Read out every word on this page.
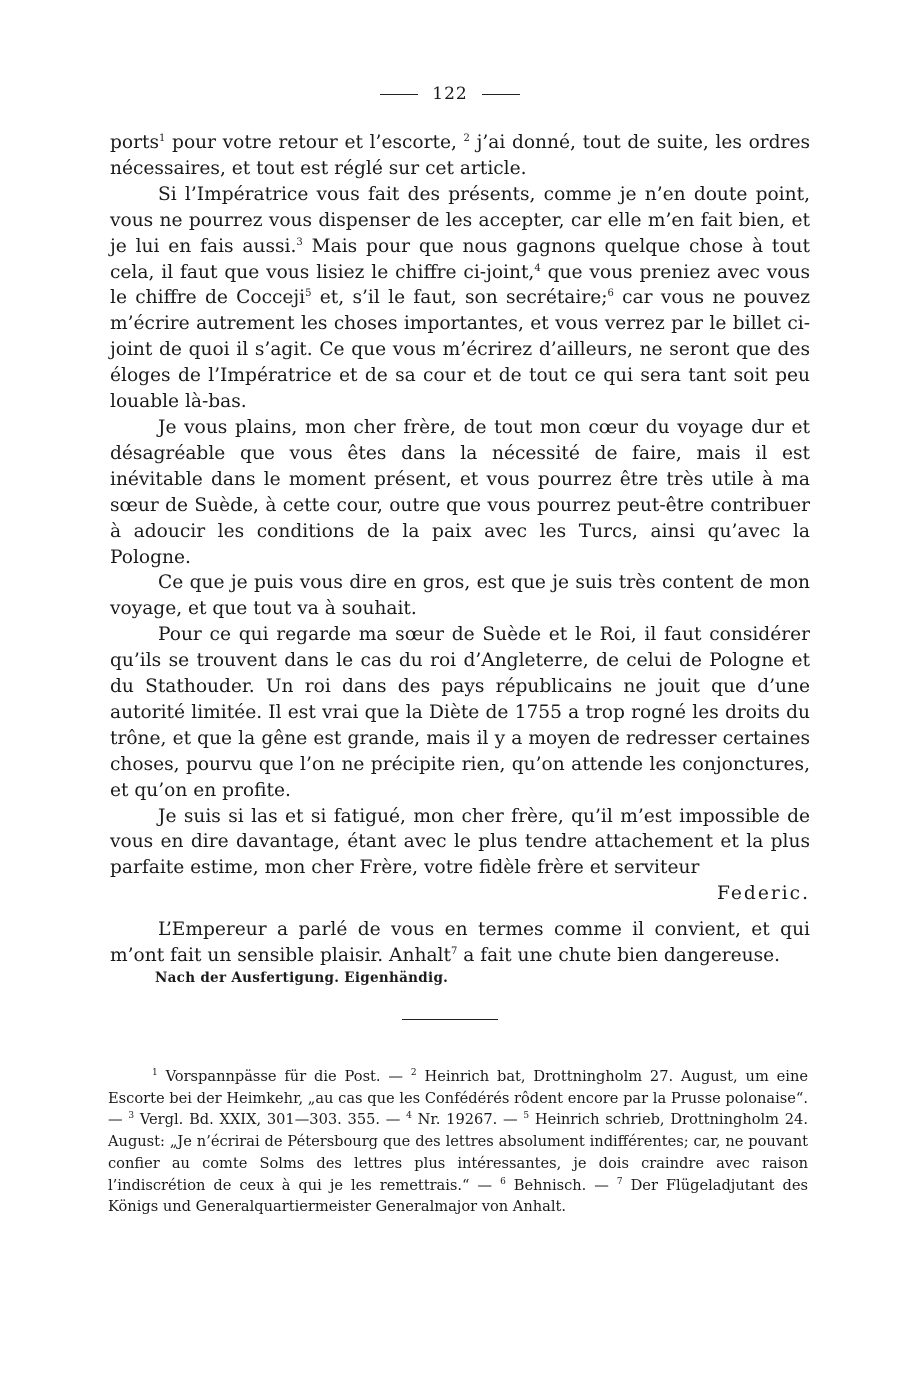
122

ports$^1$ pour votre retour et l’escorte, $^2$ j’ai donné, tout de suite, les ordres nécessaires, et tout est réglé sur cet article.

Si l’Impératrice vous fait des présents, comme je n’en doute point, vous ne pourrez vous dispenser de les accepter, car elle m’en fait bien, et je lui en fais aussi.$^3$ Mais pour que nous gagnons quelque chose à tout cela, il faut que vous lisiez le chiffre ci-joint,$^4$ que vous preniez avec vous le chiffre de Cocceji$^5$ et, s’il le faut, son secrétaire;$^6$ car vous ne pouvez m’écrire autrement les choses importantes, et vous verrez par le billet ci-joint de quoi il s’agit. Ce que vous m’écrirez d’ailleurs, ne seront que des éloges de l’Impératrice et de sa cour et de tout ce qui sera tant soit peu louable là-bas.

Je vous plains, mon cher frère, de tout mon cœur du voyage dur et désagréable que vous êtes dans la nécessité de faire, mais il est inévitable dans le moment présent, et vous pourrez être très utile à ma sœur de Suède, à cette cour, outre que vous pourrez peut-être contribuer à adoucir les conditions de la paix avec les Turcs, ainsi qu’avec la Pologne.

Ce que je puis vous dire en gros, est que je suis très content de mon voyage, et que tout va à souhait.

Pour ce qui regarde ma sœur de Suède et le Roi, il faut considérer qu’ils se trouvent dans le cas du roi d’Angleterre, de celui de Pologne et du Stathouder. Un roi dans des pays républicains ne jouit que d’une autorité limitée. Il est vrai que la Diète de 1755 a trop rogné les droits du trône, et que la gêne est grande, mais il y a moyen de redresser certaines choses, pourvu que l’on ne précipite rien, qu’on attende les conjonctures, et qu’on en profite.

Je suis si las et si fatigué, mon cher frère, qu’il m’est impossible de vous en dire davantage, étant avec le plus tendre attachement et la plus parfaite estime, mon cher Frère, votre fidèle frère et serviteur

Federic.

L’Empereur a parlé de vous en termes comme il convient, et qui m’ont fait un sensible plaisir. Anhalt$^7$ a fait une chute bien dangereuse.

Nach der Ausfertigung. Eigenhändig.

$^1$ Vorspannpässe für die Post. — $^2$ Heinrich bat, Drottningholm 27. August, um eine Escorte bei der Heimkehr, „au cas que les Confédérés rôdent encore par la Prusse polonaise“. — $^3$ Vergl. Bd. XXIX, 301—303. 355. — $^4$ Nr. 19267. — $^5$ Heinrich schrieb, Drottningholm 24. August: „Je n’écrirai de Pétersbourg que des lettres absolument indifférentes; car, ne pouvant confier au comte Solms des lettres plus intéressantes, je dois craindre avec raison l’indiscrétion de ceux à qui je les remettrais.“ — $^6$ Behnisch. — $^7$ Der Flügeladjutant des Königs und Generalquartiermeister Generalmajor von Anhalt.
